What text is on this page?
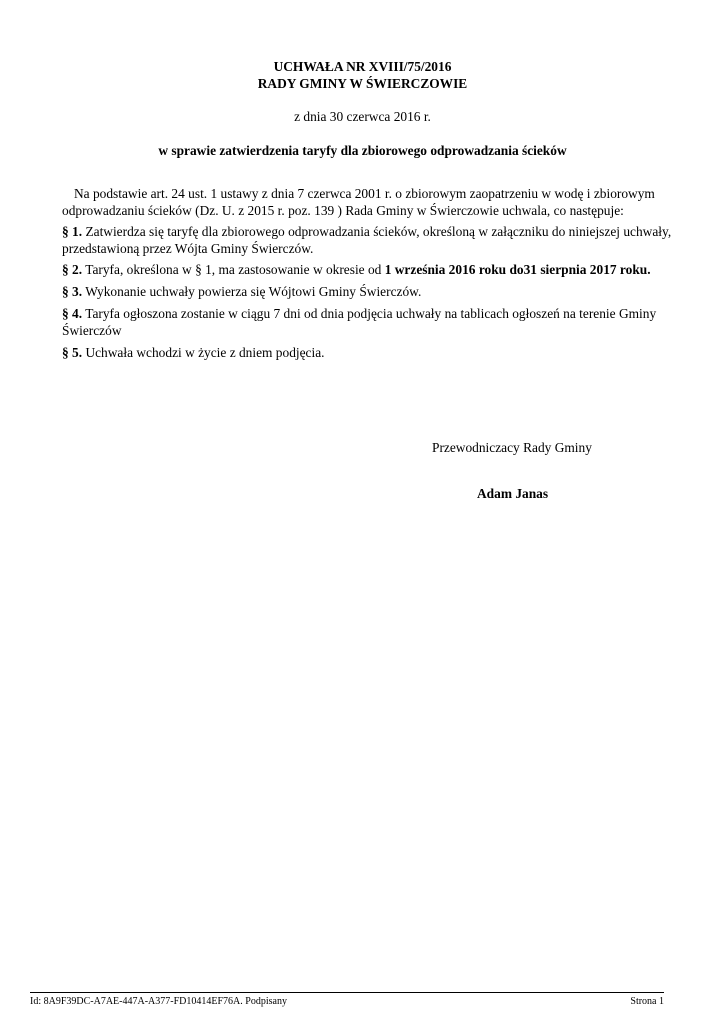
UCHWAŁA NR XVIII/75/2016
RADY GMINY W ŚWIERCZOWIE
z dnia 30 czerwca 2016 r.
w sprawie zatwierdzenia taryfy dla zbiorowego odprowadzania ścieków

Na podstawie art. 24 ust. 1 ustawy z dnia 7 czerwca 2001 r. o zbiorowym zaopatrzeniu w wodę i zbiorowym odprowadzaniu ścieków (Dz. U. z 2015 r. poz. 139 ) Rada Gminy w Świerczowie uchwala, co następuje:

§ 1. Zatwierdza się taryfę dla zbiorowego odprowadzania ścieków, określoną w załączniku do niniejszej uchwały, przedstawioną przez Wójta Gminy Świerczów.

§ 2. Taryfa, określona w § 1, ma zastosowanie w okresie od 1 września 2016 roku do31 sierpnia 2017 roku.

§ 3. Wykonanie uchwały powierza się Wójtowi Gminy Świerczów.

§ 4. Taryfa ogłoszona zostanie w ciągu 7 dni od dnia podjęcia uchwały na tablicach ogłoszeń na terenie Gminy Świerczów

§ 5. Uchwała wchodzi w życie z dniem podjęcia.

Przewodniczacy Rady Gminy
Adam Janas
Id: 8A9F39DC-A7AE-447A-A377-FD10414EF76A. Podpisany	Strona 1
